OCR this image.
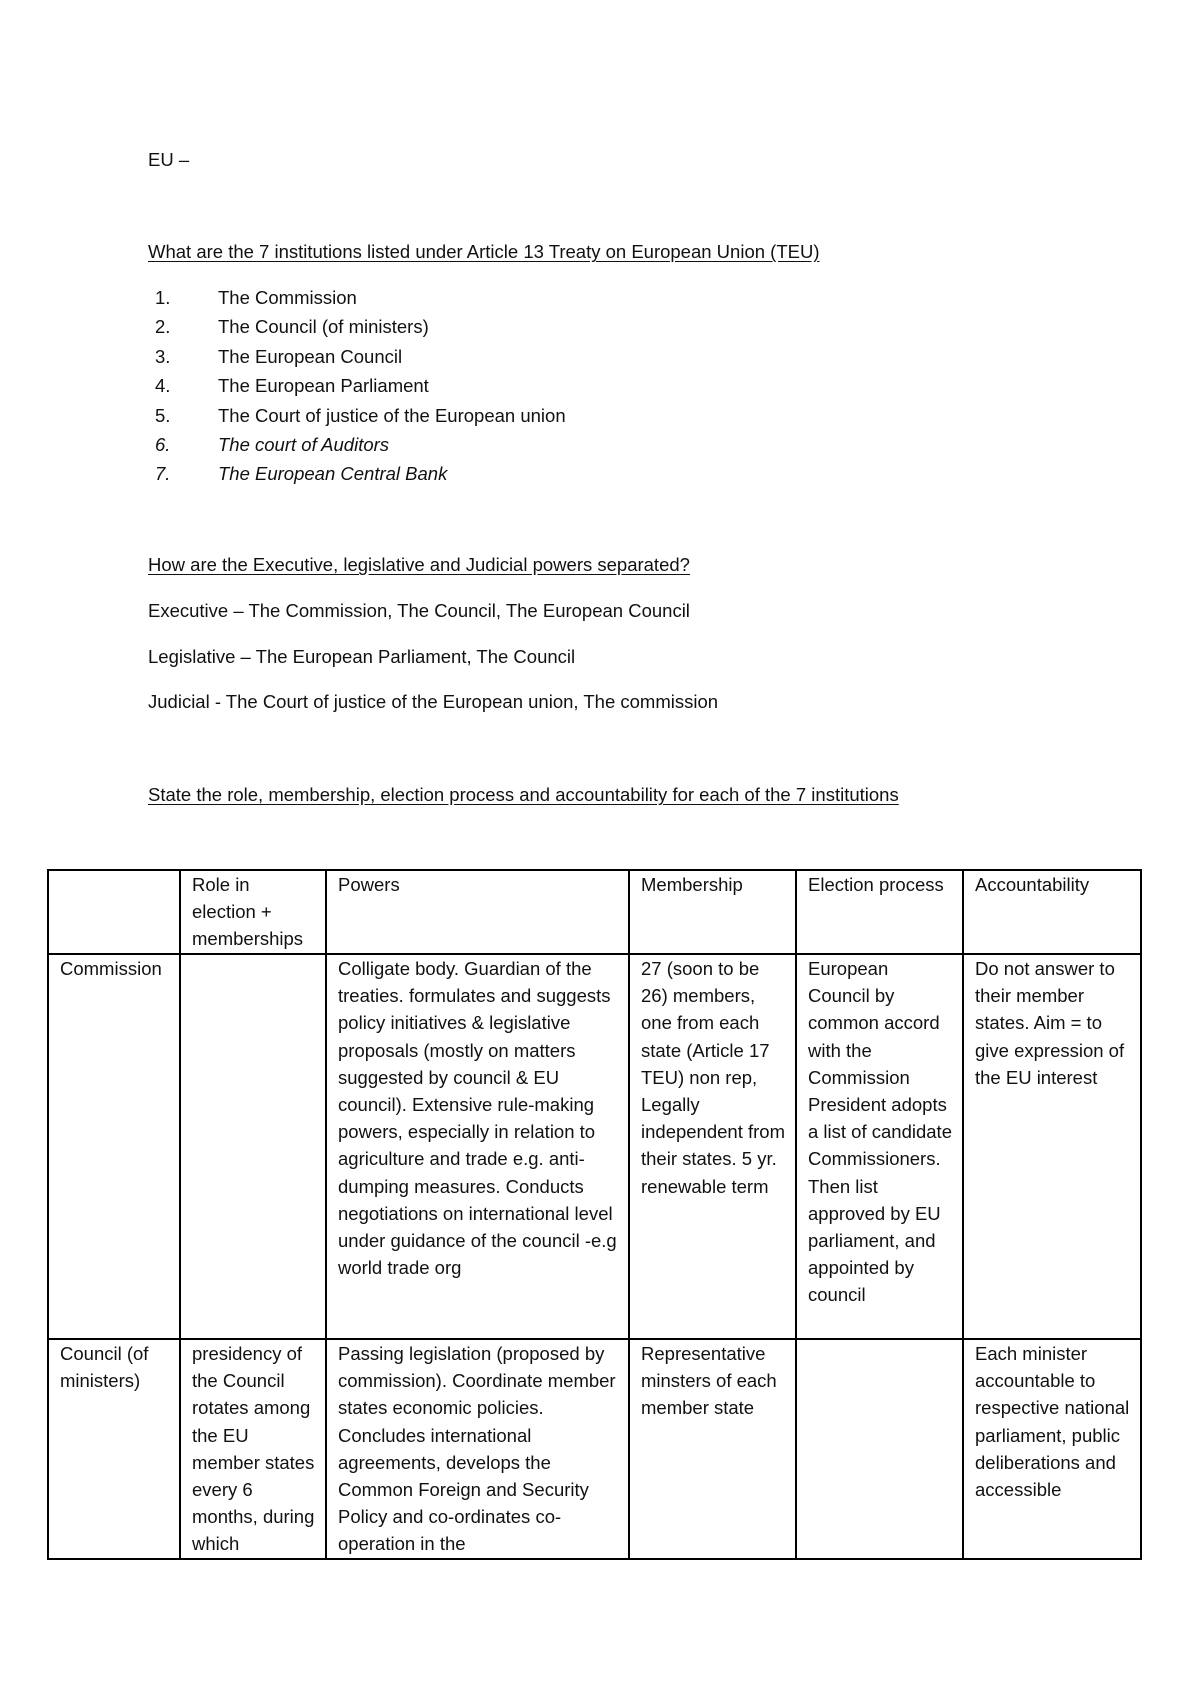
EU –
What are the 7 institutions listed under Article 13 Treaty on European Union (TEU)
1.	The Commission
2.	The Council (of ministers)
3.	The European Council
4.	The European Parliament
5.	The Court of justice of the European union
6.	The court of Auditors
7.	The European Central Bank
How are the Executive, legislative and Judicial powers separated?
Executive – The Commission, The Council, The European Council
Legislative – The European Parliament, The Council
Judicial - The Court of justice of the European union, The commission
State the role, membership, election process and accountability for each of the 7 institutions
	Role in election + memberships	Powers	Membership	Election process	Accountability
Commission		Colligate body. Guardian of the treaties. formulates and suggests policy initiatives & legislative proposals (mostly on matters suggested by council & EU council). Extensive rule-making powers, especially in relation to agriculture and trade e.g. anti-dumping measures. Conducts negotiations on international level under guidance of the council -e.g world trade org	27 (soon to be 26) members, one from each state (Article 17 TEU) non rep, Legally independent from their states. 5 yr. renewable term	European Council by common accord with the Commission President adopts a list of candidate Commissioners. Then list approved by EU parliament, and appointed by council	Do not answer to their member states. Aim = to give expression of the EU interest
Council (of ministers)	presidency of the Council rotates among the EU member states every 6 months, during which	Passing legislation (proposed by commission). Coordinate member states economic policies. Concludes international agreements, develops the Common Foreign and Security Policy and co-ordinates co-operation in the	Representative minsters of each member state		Each minister accountable to respective national parliament, public deliberations and accessible
